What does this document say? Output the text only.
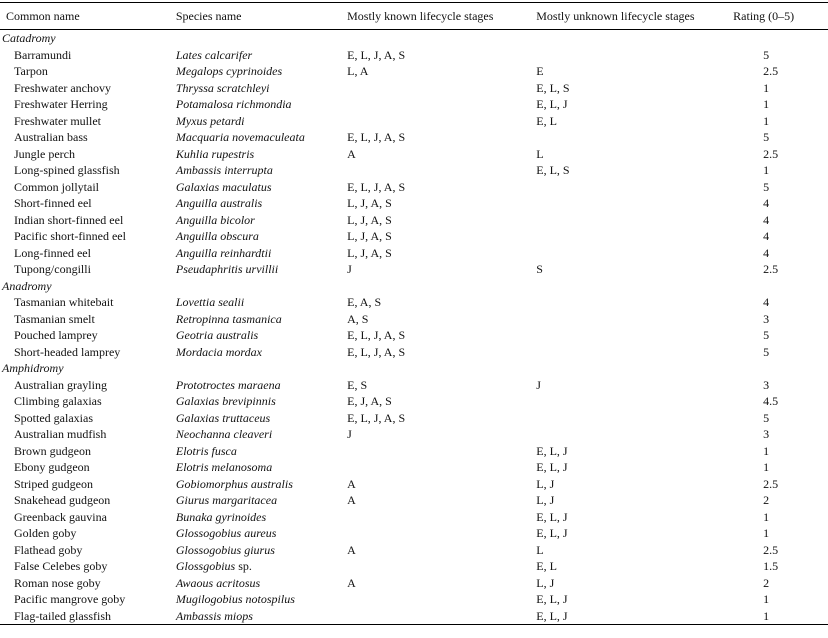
Common name	Species name	Mostly known lifecycle stages	Mostly unknown lifecycle stages	Rating (0–5)
Catadromy				
Barramundi	Lates calcarifer	E, L, J, A, S		5
Tarpon	Megalops cyprinoides	L, A	E	2.5
Freshwater anchovy	Thryssa scratchleyi		E, L, S	1
Freshwater Herring	Potamalosa richmondia		E, L, J	1
Freshwater mullet	Myxus petardi		E, L	1
Australian bass	Macquaria novemaculeata	E, L, J, A, S		5
Jungle perch	Kuhlia rupestris	A	L	2.5
Long-spined glassfish	Ambassis interrupta		E, L, S	1
Common jollytail	Galaxias maculatus	E, L, J, A, S		5
Short-finned eel	Anguilla australis	L, J, A, S		4
Indian short-finned eel	Anguilla bicolor	L, J, A, S		4
Pacific short-finned eel	Anguilla obscura	L, J, A, S		4
Long-finned eel	Anguilla reinhardtii	L, J, A, S		4
Tupong/congilli	Pseudaphritis urvillii	J	S	2.5
Anadromy				
Tasmanian whitebait	Lovettia sealii	E, A, S		4
Tasmanian smelt	Retropinna tasmanica	A, S		3
Pouched lamprey	Geotria australis	E, L, J, A, S		5
Short-headed lamprey	Mordacia mordax	E, L, J, A, S		5
Amphidromy				
Australian grayling	Prototroctes maraena	E, S	J	3
Climbing galaxias	Galaxias brevipinnis	E, J, A, S		4.5
Spotted galaxias	Galaxias truttaceus	E, L, J, A, S		5
Australian mudfish	Neochanna cleaveri	J		3
Brown gudgeon	Elotris fusca		E, L, J	1
Ebony gudgeon	Elotris melanosoma		E, L, J	1
Striped gudgeon	Gobiomorphus australis	A	L, J	2.5
Snakehead gudgeon	Giurus margaritacea	A	L, J	2
Greenback gauvina	Bunaka gyrinoides		E, L, J	1
Golden goby	Glossogobius aureus		E, L, J	1
Flathead goby	Glossogobius giurus	A	L	2.5
False Celebes goby	Glossgobius sp.		E, L	1.5
Roman nose goby	Awaous acritosus	A	L, J	2
Pacific mangrove goby	Mugilogobius notospilus		E, L, J	1
Flag-tailed glassfish	Ambassis miops		E, L, J	1
